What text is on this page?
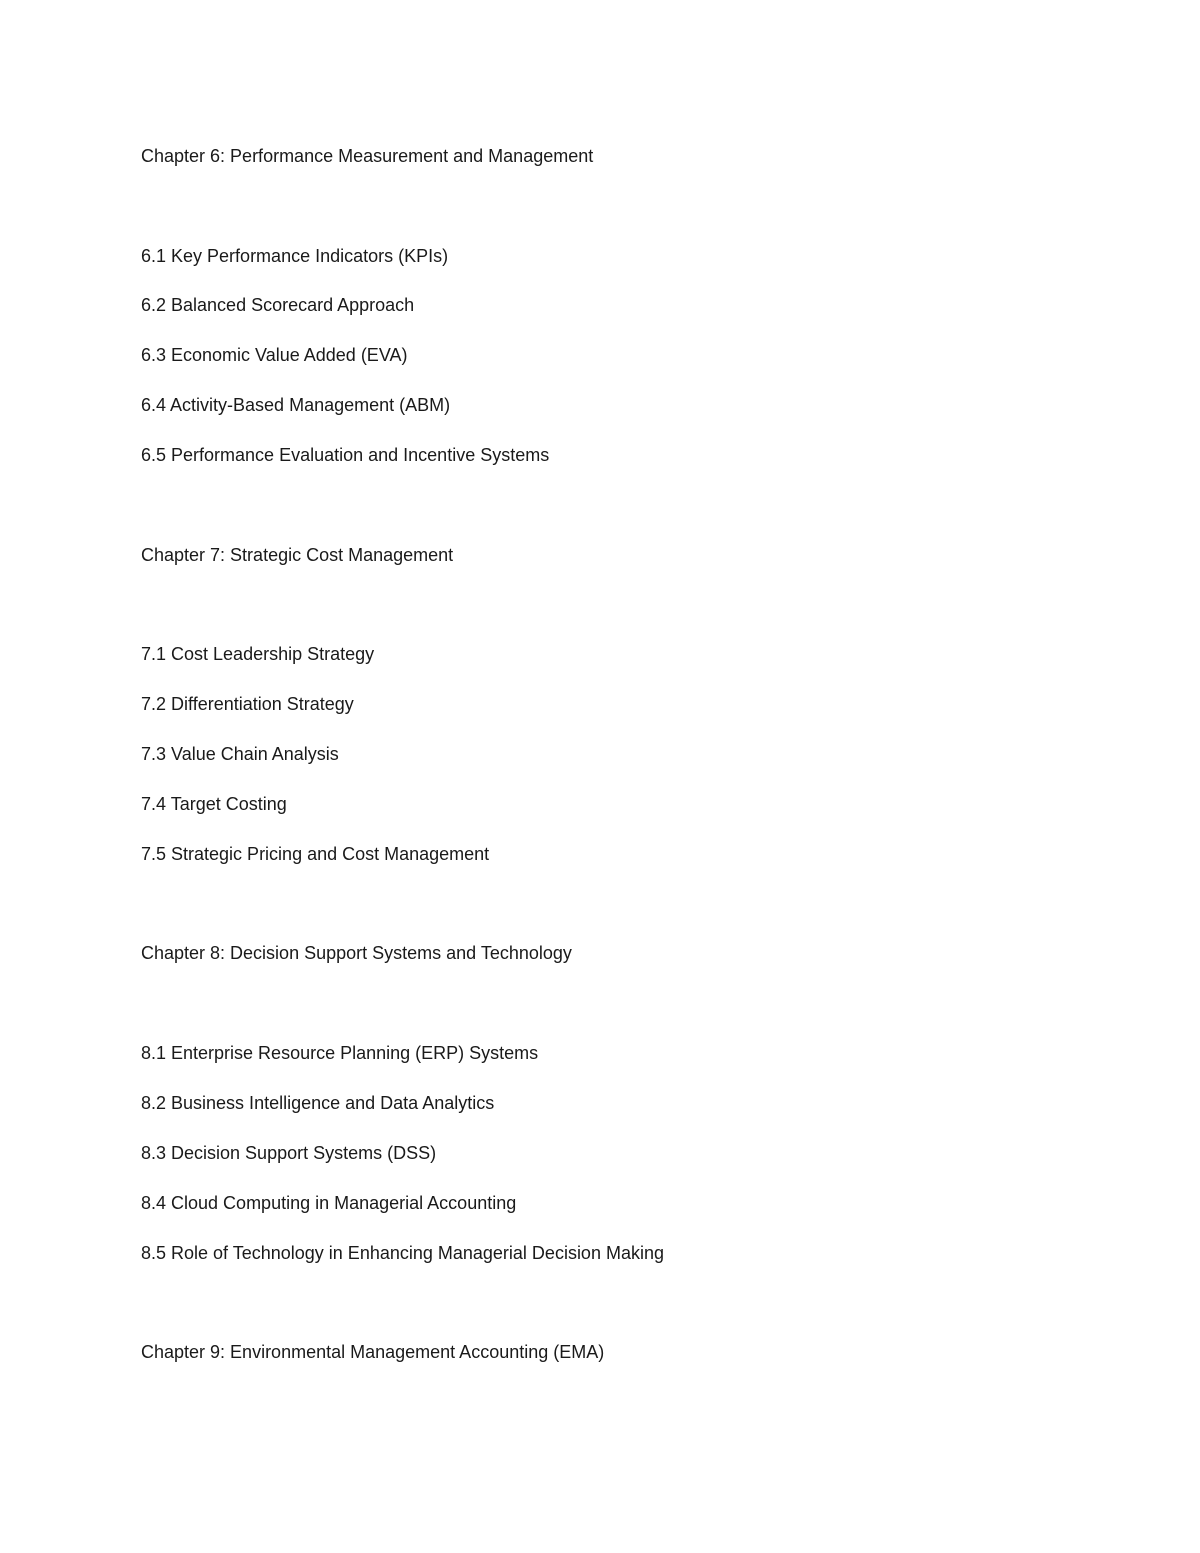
Chapter 6: Performance Measurement and Management
6.1 Key Performance Indicators (KPIs)
6.2 Balanced Scorecard Approach
6.3 Economic Value Added (EVA)
6.4 Activity-Based Management (ABM)
6.5 Performance Evaluation and Incentive Systems
Chapter 7: Strategic Cost Management
7.1 Cost Leadership Strategy
7.2 Differentiation Strategy
7.3 Value Chain Analysis
7.4 Target Costing
7.5 Strategic Pricing and Cost Management
Chapter 8: Decision Support Systems and Technology
8.1 Enterprise Resource Planning (ERP) Systems
8.2 Business Intelligence and Data Analytics
8.3 Decision Support Systems (DSS)
8.4 Cloud Computing in Managerial Accounting
8.5 Role of Technology in Enhancing Managerial Decision Making
Chapter 9: Environmental Management Accounting (EMA)
